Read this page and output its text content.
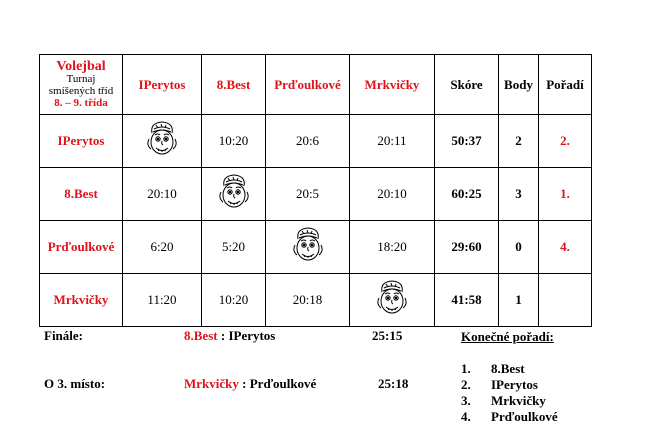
Volejbal
Turnaj
smíšených tříd
8. – 9. třída	IPerytos	8.Best	Prďoulkové	Mrkvičky	Skóre	Body	Pořadí
IPerytos		10:20	20:6	20:11	50:37	2	2.
8.Best	20:10		20:5	20:10	60:25	3	1.
Prďoulkové	6:20	5:20		18:20	29:60	0	4.
Mrkvičky	11:20	10:20	20:18		41:58	1	
Finále:	8.Best : IPerytos	25:15
O 3. místo:	Mrkvičky : Prďoulkové	25:18
Konečné pořadí:
1. 8.Best
2. IPerytos
3. Mrkvičky
4. Prďoulkové
